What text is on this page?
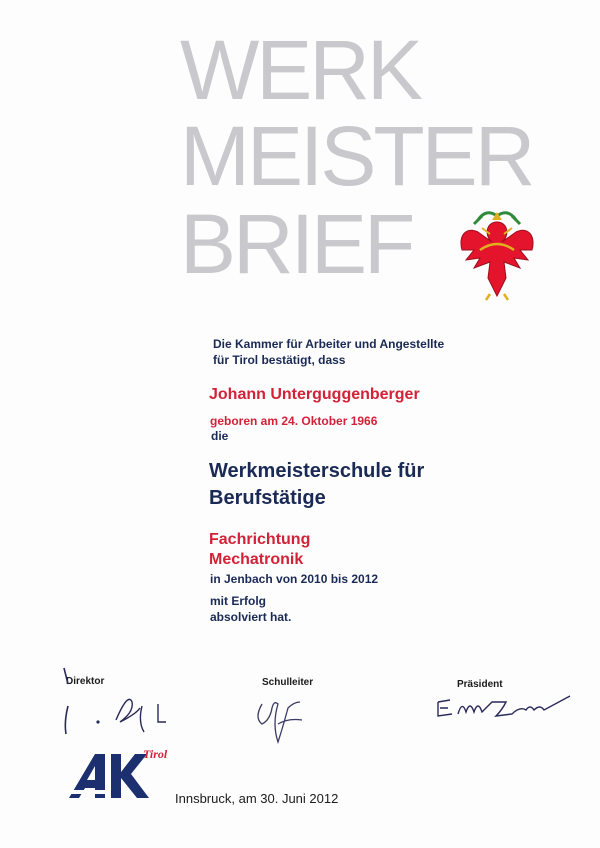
WERK
MEISTER
BRIEF
Die Kammer für Arbeiter und Angestellte
für Tirol bestätigt, dass
Johann Unterguggenberger
geboren am 24. Oktober 1966
die
Werkmeisterschule für
Berufstätige
Fachrichtung
Mechatronik
in Jenbach von 2010 bis 2012
mit Erfolg
absolviert hat.
Direktor	Schulleiter	Präsident
Tirol
Innsbruck, am 30. Juni 2012
